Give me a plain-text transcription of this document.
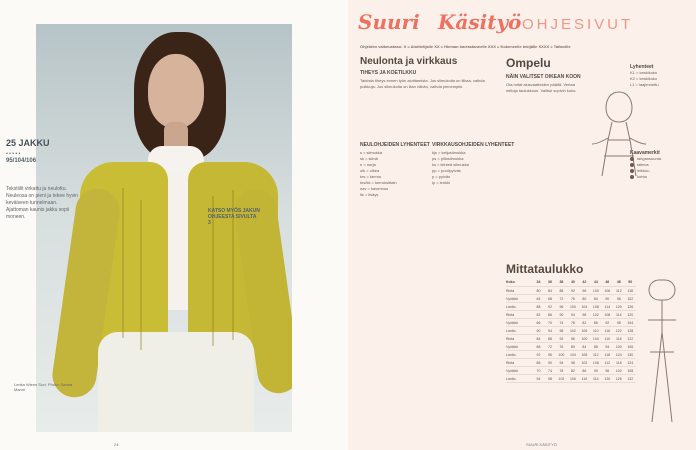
25 JAKKU
• • • • •
95/104/106
Tekstiilit virkattu ja neulottu. Neuleosa on pieni ja tekee hyvin keväiseen tunnelmaan. Ajattoman kaunis jakku sopii moneen.
Lenka Wiens Scvi. Photo: Sanna Manni
KATSO MYÖS JAKUN OHJEESTA SIVULTA 3
24
Suuri Käsityö OHJESIVUT
Ohjeiden vaikeustaso: X = Aloittelijalle XX = Hieman harrastaneelle XXX = Kokeneelle tekijälle XXXX = Taitaville
Neulonta ja virkkaus
TIHEYS JA KOETILKKU
Tarkista tiheys ennen työn aloittamista. Jos silmukoita on liikaa, vaihda puikkoja. Jos silmukoita on liian vähän, vaihda pienempiin.
NEULOHJEIDEN LYHENTEET
s = silmukka
sk = silmä
n = nurja
oik = oikea
krs = kerros
krs/kk = kerroksittain
nav = kavennus
lis = lisäys
VIRKKAUSOHJEIDEN LYHENTEET
kjs = ketjusilmukka
ps = piilosilmukka
ks = kiinteä silmukka
pp = puolipylväs
p = pylväs
lp = lenkki
Ompelu
NÄIN VALITSET OIKEAN KOON
Ota mitat alusvaatteiden päältä. Vertaa mittoja taulukkoon. Valitse sopivin koko.
Lyhenteet
K1 = keskikoko
K2 = keskikoko
L1 = laajennettu
Kaavamerkit
langansuunta
taiteos
leikkuu
kohta
Mittataulukko
Koko	34	36	38	40	42	44	46	48	50
Rinta	80	84	88	92	96	100	106	112	118
Vyötärö	64	68	72	76	80	84	90	96	102
Lantio	88	92	96	100	104	108	114	120	126
Rinta	82	86	90	94	98	102	108	114	120
Vyötärö	66	70	74	78	82	86	92	98	104
Lantio	90	94	98	102	106	110	116	122	128
Rinta	84	88	92	96	100	104	110	116	122
Vyötärö	68	72	76	80	84	88	94	100	106
Lantio	92	96	100	104	108	112	118	124	130
Rinta	86	90	94	98	102	106	112	118	124
Vyötärö	70	74	78	82	86	90	96	102	108
Lantio	94	98	102	106	110	114	120	126	132
SUURI KÄSITYÖ
